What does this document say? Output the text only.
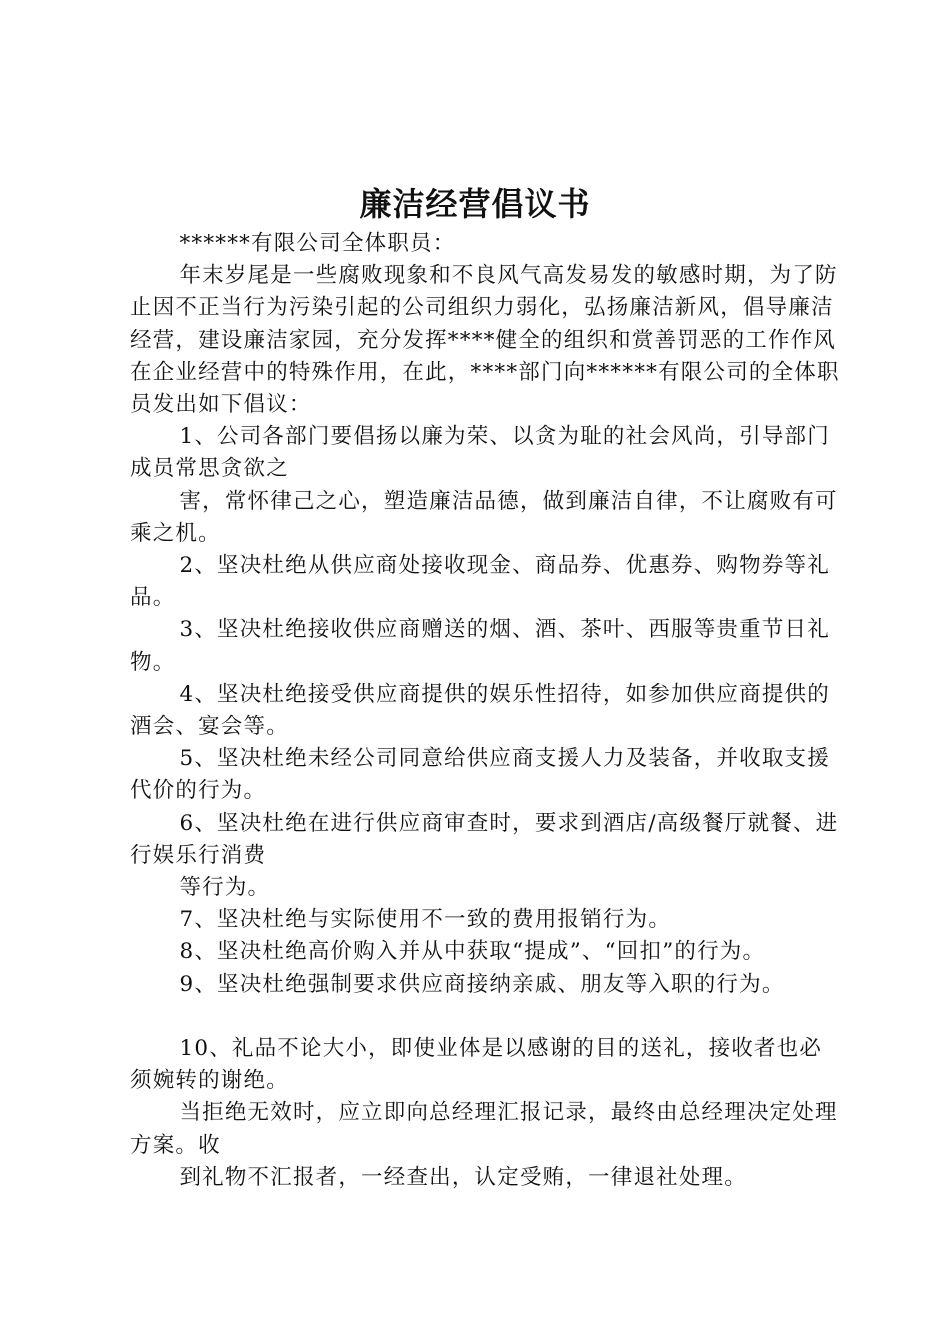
廉洁经营倡议书

******有限公司全体职员：

年末岁尾是一些腐败现象和不良风气高发易发的敏感时期，为了防止因不正当行为污染引起的公司组织力弱化，弘扬廉洁新风，倡导廉洁经营，建设廉洁家园，充分发挥****健全的组织和赏善罚恶的工作作风在企业经营中的特殊作用，在此，****部门向******有限公司的全体职员发出如下倡议：

1、公司各部门要倡扬以廉为荣、以贪为耻的社会风尚，引导部门成员常思贪欲之

害，常怀律己之心，塑造廉洁品德，做到廉洁自律，不让腐败有可乘之机。

2、坚决杜绝从供应商处接收现金、商品券、优惠券、购物券等礼品。

3、坚决杜绝接收供应商赠送的烟、酒、茶叶、西服等贵重节日礼物。

4、坚决杜绝接受供应商提供的娱乐性招待，如参加供应商提供的酒会、宴会等。

5、坚决杜绝未经公司同意给供应商支援人力及装备，并收取支援代价的行为。

6、坚决杜绝在进行供应商审查时，要求到酒店/高级餐厅就餐、进行娱乐行消费

等行为。

7、坚决杜绝与实际使用不一致的费用报销行为。

8、坚决杜绝高价购入并从中获取“提成”、“回扣”的行为。

9、坚决杜绝强制要求供应商接纳亲戚、朋友等入职的行为。

10、礼品不论大小，即使业体是以感谢的目的送礼，接收者也必须婉转的谢绝。

当拒绝无效时，应立即向总经理汇报记录，最终由总经理决定处理方案。收

到礼物不汇报者，一经查出，认定受贿，一律退社处理。
